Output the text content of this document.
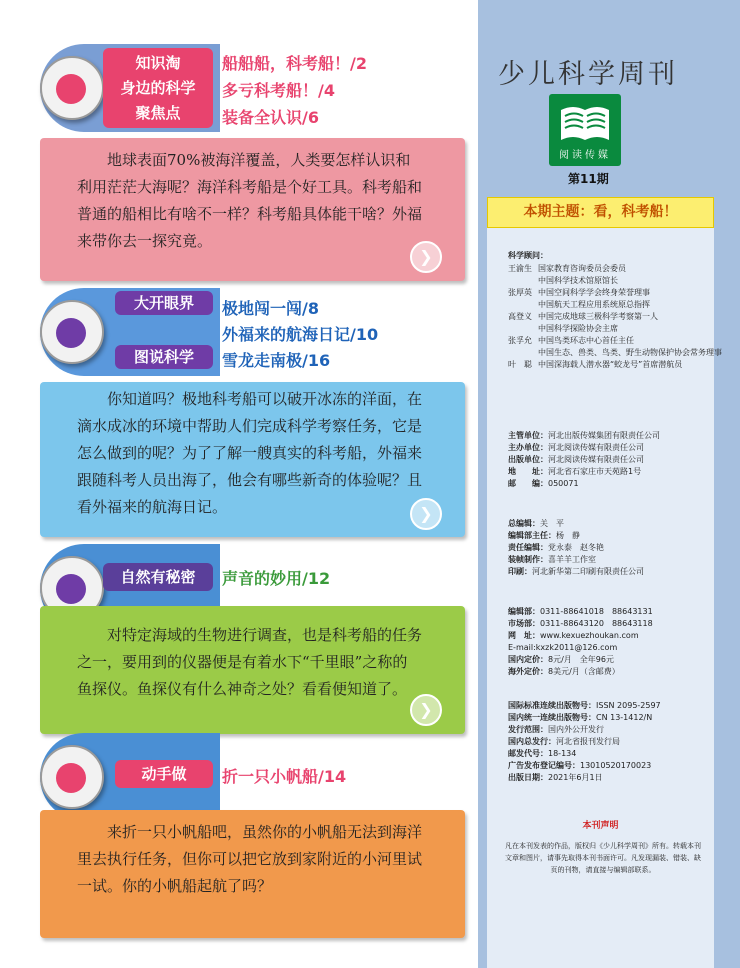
少儿科学周刊
阅读传媒
第11期
本期主题：看，科考船！
科学顾问：
王渝生 国家教育咨询委员会委员
中国科学技术馆原馆长
张厚英 中国空间科学学会终身荣誉理事
中国航天工程应用系统原总指挥
高登义 中国完成地球三极科学考察第一人
中国科学探险协会主席
张孚允 中国鸟类环志中心首任主任
中国生态、兽类、鸟类、野生动物保护协会常务理事
叶　聪 中国深海载人潜水器“蛟龙号”首席潜航员
主管单位：河北出版传媒集团有限责任公司
主办单位：河北阅读传媒有限责任公司
出版单位：河北阅读传媒有限责任公司
地　　址：河北省石家庄市天苑路1号
邮　　编：050071
总编辑：关　平
编辑部主任：杨　静
责任编辑：党永泰　赵冬艳
装帧制作：喜羊羊工作室
印刷：河北新华第二印刷有限责任公司
编辑部：0311-88641018　88643131
市场部：0311-88643120　88643118
网　址：www.kexuezhoukan.com
E-mail:kxzk2011@126.com
国内定价：8元/月　全年96元
海外定价：8美元/月（含邮费）
国际标准连续出版物号：ISSN 2095-2597
国内统一连续出版物号：CN 13-1412/N
发行范围：国内外公开发行
国内总发行：河北省报刊发行局
邮发代号：18-134
广告发布登记编号：13010520170023
出版日期：2021年6月1日
本刊声明
凡在本刊发表的作品，版权归《少儿科学周刊》所有。转载本刊文章和图片，请事先取得本刊书面许可。凡发现漏装、错装、缺页的刊物，请直接与编辑部联系。
知识淘
身边的科学
聚焦点
船船船，科考船！/2
多亏科考船！/4
装备全认识/6

地球表面70%被海洋覆盖，人类要怎样认识和利用茫茫大海呢？海洋科考船是个好工具。科考船和普通的船相比有啥不一样？科考船具体能干啥？外福来带你去一探究竟。

❯
大开眼界
图说科学
极地闯一闯/8
外福来的航海日记/10
雪龙走南极/16

你知道吗？极地科考船可以破开冰冻的洋面，在滴水成冰的环境中帮助人们完成科学考察任务，它是怎么做到的呢？为了了解一艘真实的科考船，外福来跟随科考人员出海了，他会有哪些新奇的体验呢？且看外福来的航海日记。	❯
自然有秘密	声音的妙用/12

对特定海域的生物进行调查，也是科考船的任务之一，要用到的仪器便是有着水下“千里眼”之称的鱼探仪。鱼探仪有什么神奇之处？看看便知道了。

❯
动手做	折一只小帆船/14

来折一只小帆船吧，虽然你的小帆船无法到海洋里去执行任务，但你可以把它放到家附近的小河里试一试。你的小帆船起航了吗？
